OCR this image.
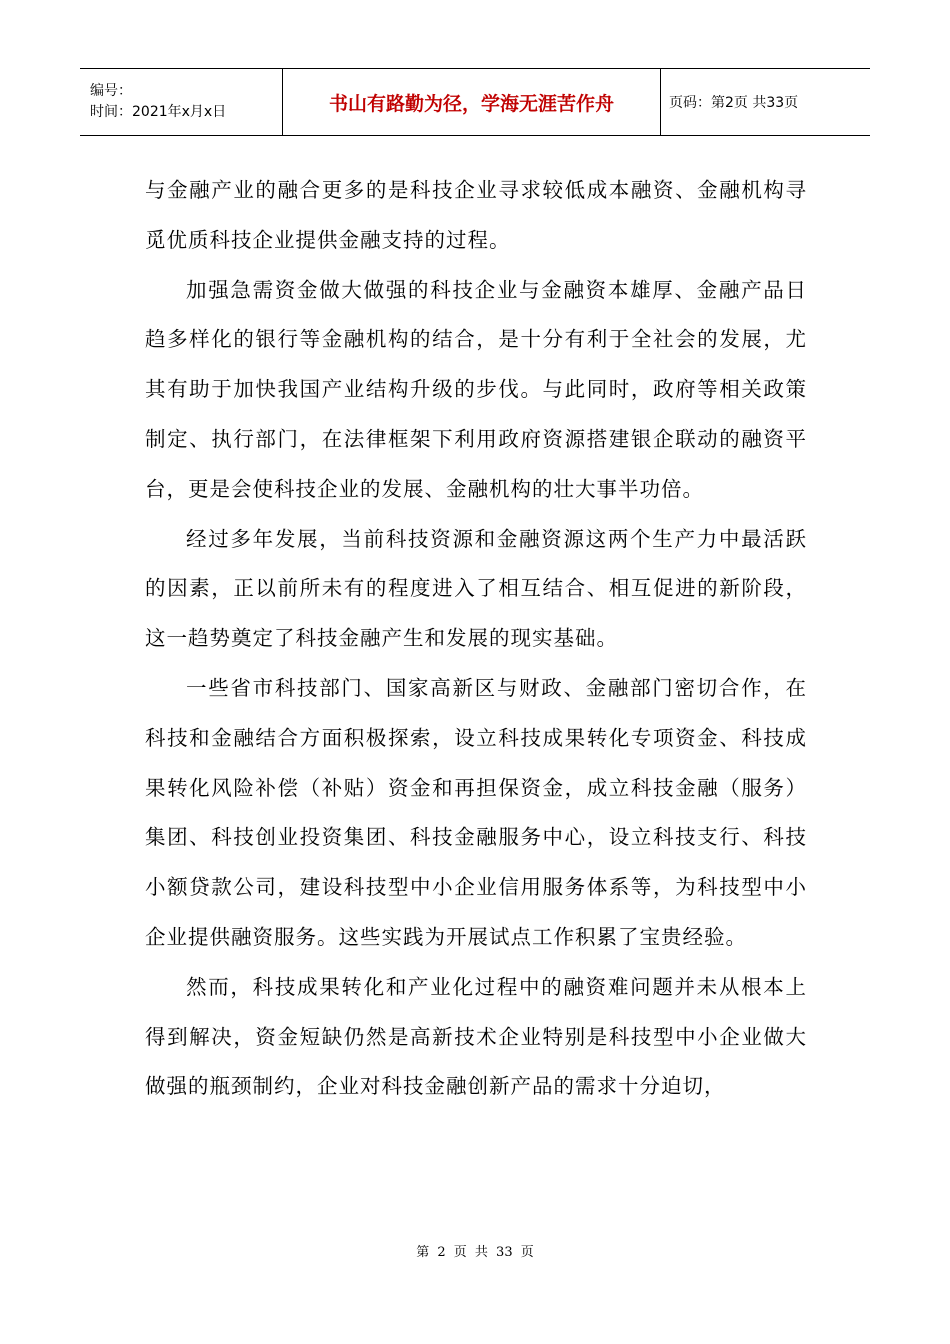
编号：
时间：2021年x月x日	书山有路勤为径，学海无涯苦作舟	页码：第2页 共33页

与金融产业的融合更多的是科技企业寻求较低成本融资、金融机构寻觅优质科技企业提供金融支持的过程。

加强急需资金做大做强的科技企业与金融资本雄厚、金融产品日趋多样化的银行等金融机构的结合，是十分有利于全社会的发展，尤其有助于加快我国产业结构升级的步伐。与此同时，政府等相关政策制定、执行部门，在法律框架下利用政府资源搭建银企联动的融资平台，更是会使科技企业的发展、金融机构的壮大事半功倍。

经过多年发展，当前科技资源和金融资源这两个生产力中最活跃的因素，正以前所未有的程度进入了相互结合、相互促进的新阶段，这一趋势奠定了科技金融产生和发展的现实基础。

一些省市科技部门、国家高新区与财政、金融部门密切合作，在科技和金融结合方面积极探索，设立科技成果转化专项资金、科技成果转化风险补偿（补贴）资金和再担保资金，成立科技金融（服务）集团、科技创业投资集团、科技金融服务中心，设立科技支行、科技小额贷款公司，建设科技型中小企业信用服务体系等，为科技型中小企业提供融资服务。这些实践为开展试点工作积累了宝贵经验。

然而，科技成果转化和产业化过程中的融资难问题并未从根本上得到解决，资金短缺仍然是高新技术企业特别是科技型中小企业做大做强的瓶颈制约，企业对科技金融创新产品的需求十分迫切，

第 2 页 共 33 页
